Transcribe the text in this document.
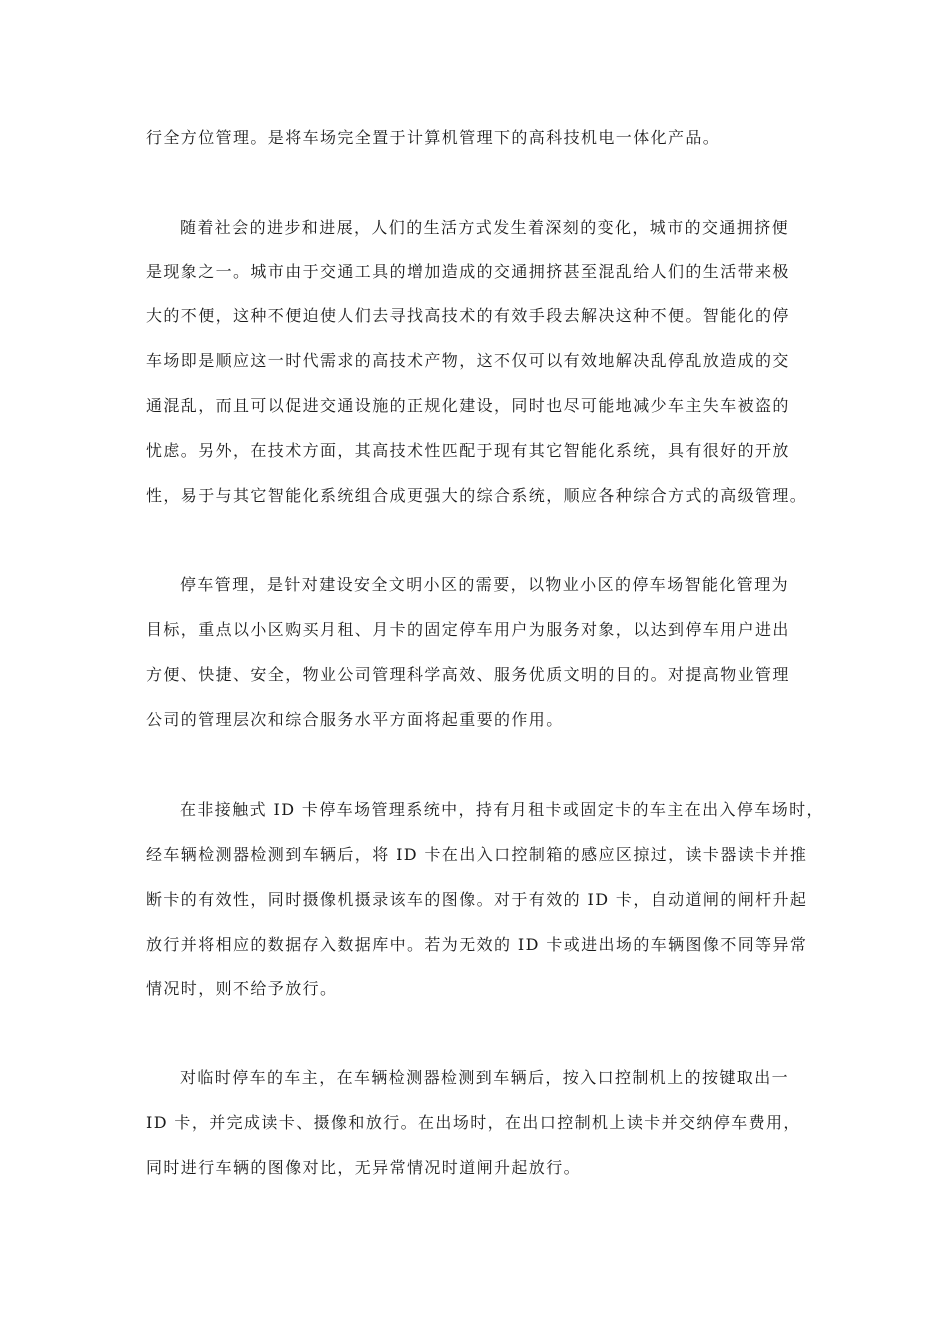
行全方位管理。是将车场完全置于计算机管理下的高科技机电一体化产品。
随着社会的进步和进展，人们的生活方式发生着深刻的变化，城市的交通拥挤便
是现象之一。城市由于交通工具的增加造成的交通拥挤甚至混乱给人们的生活带来极
大的不便，这种不便迫使人们去寻找高技术的有效手段去解决这种不便。智能化的停
车场即是顺应这一时代需求的高技术产物，这不仅可以有效地解决乱停乱放造成的交
通混乱，而且可以促进交通设施的正规化建设，同时也尽可能地减少车主失车被盗的
忧虑。另外，在技术方面，其高技术性匹配于现有其它智能化系统，具有很好的开放
性，易于与其它智能化系统组合成更强大的综合系统，顺应各种综合方式的高级管理。
停车管理，是针对建设安全文明小区的需要，以物业小区的停车场智能化管理为
目标，重点以小区购买月租、月卡的固定停车用户为服务对象，以达到停车用户进出
方便、快捷、安全，物业公司管理科学高效、服务优质文明的目的。对提高物业管理
公司的管理层次和综合服务水平方面将起重要的作用。
在非接触式 ID 卡停车场管理系统中，持有月租卡或固定卡的车主在出入停车场时，
经车辆检测器检测到车辆后，将 ID 卡在出入口控制箱的感应区掠过，读卡器读卡并推
断卡的有效性，同时摄像机摄录该车的图像。对于有效的 ID 卡，自动道闸的闸杆升起
放行并将相应的数据存入数据库中。若为无效的 ID 卡或进出场的车辆图像不同等异常
情况时，则不给予放行。
对临时停车的车主，在车辆检测器检测到车辆后，按入口控制机上的按键取出一
ID 卡，并完成读卡、摄像和放行。在出场时，在出口控制机上读卡并交纳停车费用，
同时进行车辆的图像对比，无异常情况时道闸升起放行。
